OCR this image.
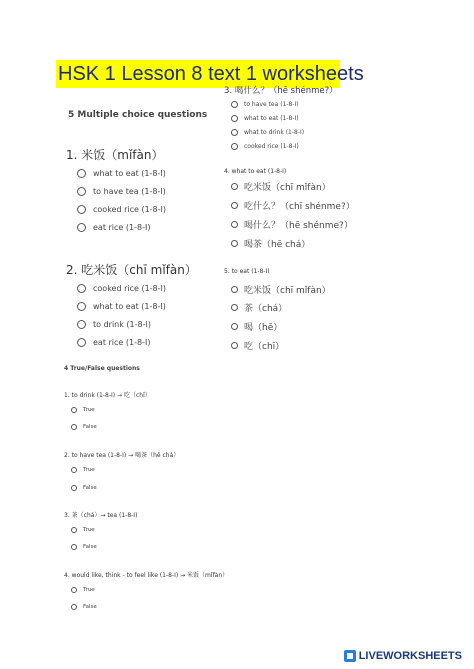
HSK 1 Lesson 8 text 1 worksheets
5 Multiple choice questions
1. 米饭（mǐfàn）
what to eat (1-8-I)
to have tea (1-8-I)
cooked rice (1-8-I)
eat rice (1-8-I)
2. 吃米饭（chī mǐfàn）
cooked rice (1-8-I)
what to eat (1-8-I)
to drink (1-8-I)
eat rice (1-8-I)
3. 喝什么？（hē shénme?）
to have tea (1-8-I)
what to eat (1-8-I)
what to drink (1-8-I)
cooked rice (1-8-I)
4. what to eat (1-8-I)
吃米饭（chī mǐfàn）
吃什么？（chī shénme?）
喝什么？（hē shénme?）
喝茶（hē chá）
5. to eat (1-8-I)
吃米饭（chī mǐfàn）
茶（chá）
喝（hē）
吃（chī）
4 True/False questions
1. to drink (1-8-I) → 吃（chī）
True
False
2. to have tea (1-8-I) → 喝茶（hē chá）
True
False
3. 茶（chá）→ tea (1-8-I)
True
False
4. would like, think - to feel like (1-8-I) → 米饭（mǐfàn）
True
False
LIVEWORKSHEETS
